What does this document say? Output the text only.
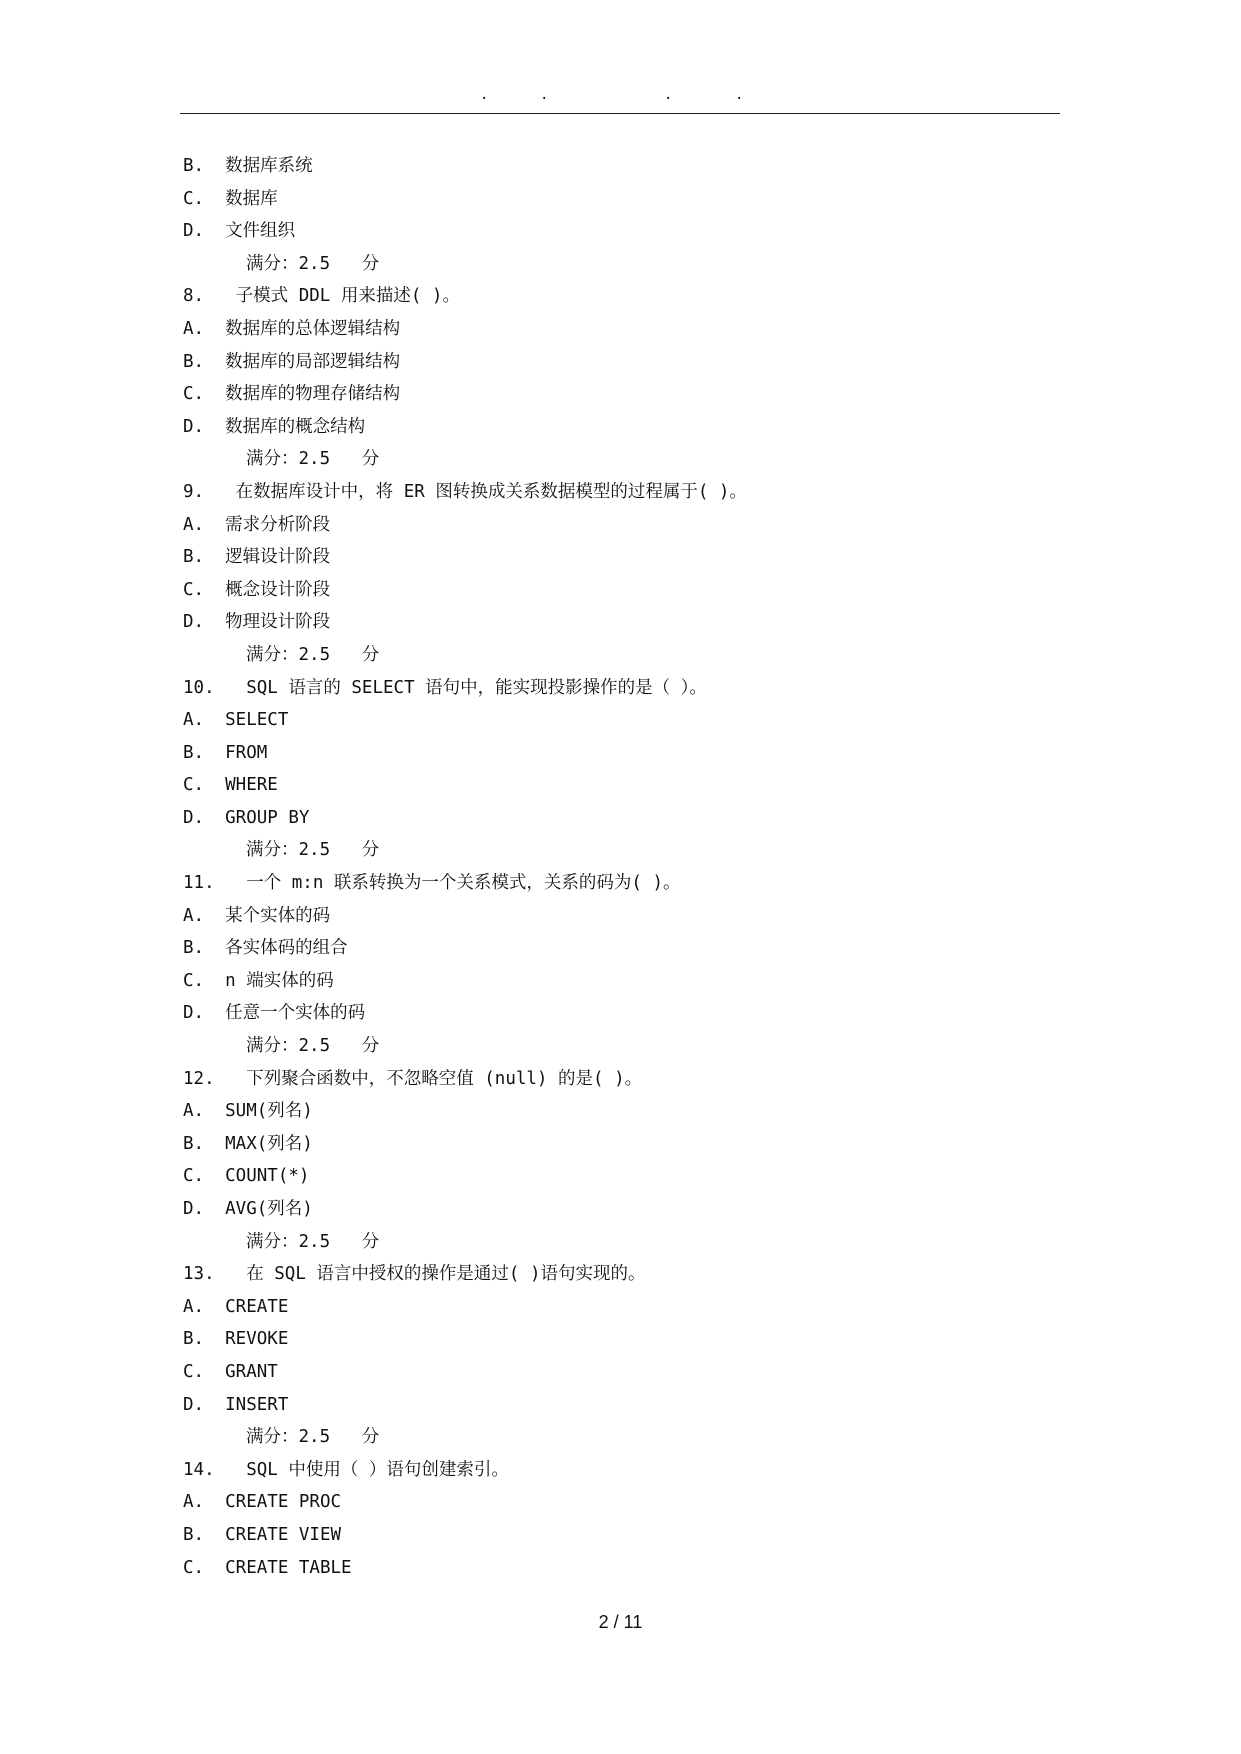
.	.	.	.
B.  数据库系统
C.  数据库
D.  文件组织
满分：2.5   分
8.   子模式 DDL 用来描述( )。
A.  数据库的总体逻辑结构
B.  数据库的局部逻辑结构
C.  数据库的物理存储结构
D.  数据库的概念结构
满分：2.5   分
9.   在数据库设计中，将 ER 图转换成关系数据模型的过程属于( )。
A.  需求分析阶段
B.  逻辑设计阶段
C.  概念设计阶段
D.  物理设计阶段
满分：2.5   分
10.   SQL 语言的 SELECT 语句中，能实现投影操作的是（ ）。
A.  SELECT
B.  FROM
C.  WHERE
D.  GROUP BY
满分：2.5   分
11.   一个 m:n 联系转换为一个关系模式，关系的码为( )。
A.  某个实体的码
B.  各实体码的组合
C.  n 端实体的码
D.  任意一个实体的码
满分：2.5   分
12.   下列聚合函数中，不忽略空值 (null) 的是( )。
A.  SUM(列名)
B.  MAX(列名)
C.  COUNT(*)
D.  AVG(列名)
满分：2.5   分
13.   在 SQL 语言中授权的操作是通过( )语句实现的。
A.  CREATE
B.  REVOKE
C.  GRANT
D.  INSERT
满分：2.5   分
14.   SQL 中使用（ ）语句创建索引。
A.  CREATE PROC
B.  CREATE VIEW
C.  CREATE TABLE
2 / 11
